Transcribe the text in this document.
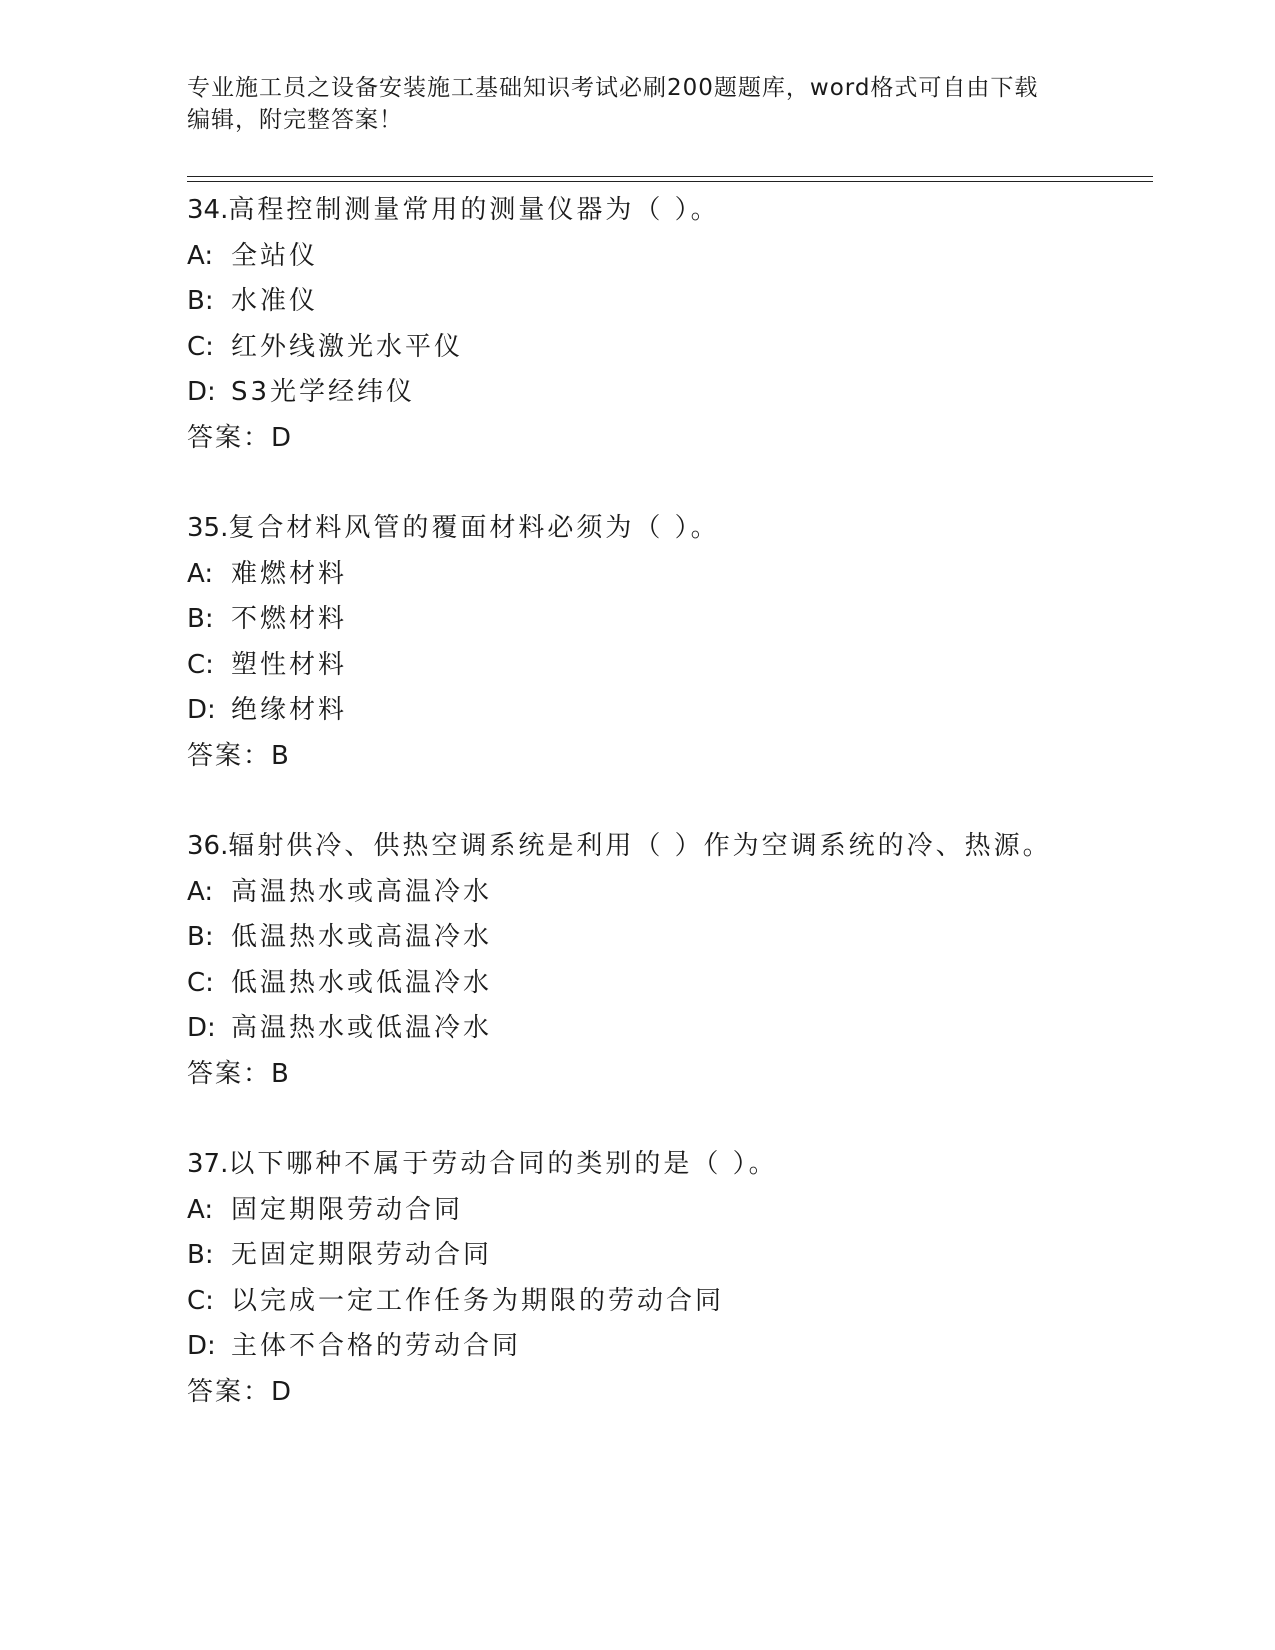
专业施工员之设备安装施工基础知识考试必刷200题题库，word格式可自由下载
编辑，附完整答案！
34.高程控制测量常用的测量仪器为（ ）。
A: 全站仪
B: 水准仪
C: 红外线激光水平仪
D: S3光学经纬仪
答案：D
35.复合材料风管的覆面材料必须为（ ）。
A: 难燃材料
B: 不燃材料
C: 塑性材料
D: 绝缘材料
答案：B
36.辐射供冷、供热空调系统是利用（ ）作为空调系统的冷、热源。
A: 高温热水或高温冷水
B: 低温热水或高温冷水
C: 低温热水或低温冷水
D: 高温热水或低温冷水
答案：B
37.以下哪种不属于劳动合同的类别的是（ ）。
A: 固定期限劳动合同
B: 无固定期限劳动合同
C: 以完成一定工作任务为期限的劳动合同
D: 主体不合格的劳动合同
答案：D
